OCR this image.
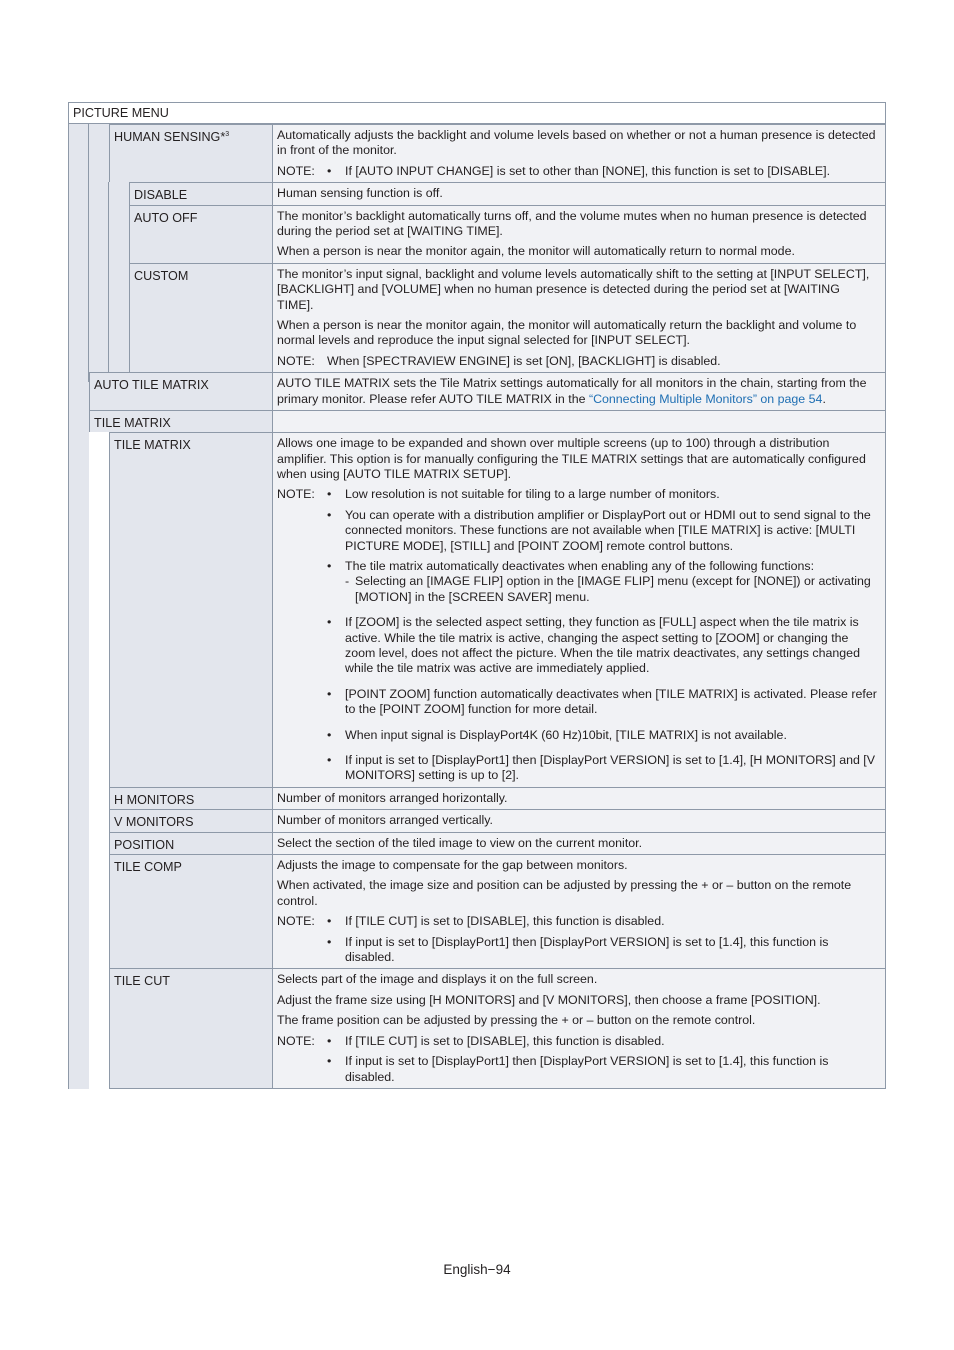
PICTURE MENU
HUMAN SENSING*$^3$	Automatically adjusts the backlight and volume levels based on whether or not a human presence is detected in front of the monitor.

NOTE: •	If [AUTO INPUT CHANGE] is set to other than [NONE], this function is set to [DISABLE].
DISABLE	Human sensing function is off.

AUTO OFF	The monitor’s backlight automatically turns off, and the volume mutes when no human presence is detected during the period set at [WAITING TIME].

When a person is near the monitor again, the monitor will automatically return to normal mode.

CUSTOM	The monitor’s input signal, backlight and volume levels automatically shift to the setting at [INPUT SELECT], [BACKLIGHT] and [VOLUME] when no human presence is detected during the period set at [WAITING TIME].

When a person is near the monitor again, the monitor will automatically return the backlight and volume to normal levels and reproduce the input signal selected for [INPUT SELECT].

NOTE: When [SPECTRAVIEW ENGINE] is set [ON], [BACKLIGHT] is disabled.
AUTO TILE MATRIX	AUTO TILE MATRIX sets the Tile Matrix settings automatically for all monitors in the chain, starting from the primary monitor. Please refer AUTO TILE MATRIX in the “Connecting Multiple Monitors” on page 54.

TILE MATRIX
TILE MATRIX	Allows one image to be expanded and shown over multiple screens (up to 100) through a distribution amplifier. This option is for manually configuring the TILE MATRIX settings that are automatically configured when using [AUTO TILE MATRIX SETUP].

NOTE: •	Low resolution is not suitable for tiling to a large number of monitors.
•	You can operate with a distribution amplifier or DisplayPort out or HDMI out to send signal to the connected monitors. These functions are not available when [TILE MATRIX] is active: [MULTI PICTURE MODE], [STILL] and [POINT ZOOM] remote control buttons.
•	The tile matrix automatically deactivates when enabling any of the following functions:
- Selecting an [IMAGE FLIP] option in the [IMAGE FLIP] menu (except for [NONE]) or activating [MOTION] in the [SCREEN SAVER] menu.
•	If [ZOOM] is the selected aspect setting, they function as [FULL] aspect when the tile matrix is active. While the tile matrix is active, changing the aspect setting to [ZOOM] or changing the zoom level, does not affect the picture. When the tile matrix deactivates, any settings changed while the tile matrix was active are immediately applied.
•	[POINT ZOOM] function automatically deactivates when [TILE MATRIX] is activated. Please refer to the [POINT ZOOM] function for more detail.
•	When input signal is DisplayPort4K (60 Hz)10bit, [TILE MATRIX] is not available.
•	If input is set to [DisplayPort1] then [DisplayPort VERSION] is set to [1.4], [H MONITORS] and [V MONITORS] setting is up to [2].
H MONITORS	Number of monitors arranged horizontally.

V MONITORS	Number of monitors arranged vertically.

POSITION	Select the section of the tiled image to view on the current monitor.

TILE COMP	Adjusts the image to compensate for the gap between monitors.

When activated, the image size and position can be adjusted by pressing the + or – button on the remote control.

NOTE: •	If [TILE CUT] is set to [DISABLE], this function is disabled.
•	If input is set to [DisplayPort1] then [DisplayPort VERSION] is set to [1.4], this function is disabled.
TILE CUT	Selects part of the image and displays it on the full screen.

Adjust the frame size using [H MONITORS] and [V MONITORS], then choose a frame [POSITION].

The frame position can be adjusted by pressing the + or – button on the remote control.

NOTE: •	If [TILE CUT] is set to [DISABLE], this function is disabled.
•	If input is set to [DisplayPort1] then [DisplayPort VERSION] is set to [1.4], this function is disabled.
English−94
